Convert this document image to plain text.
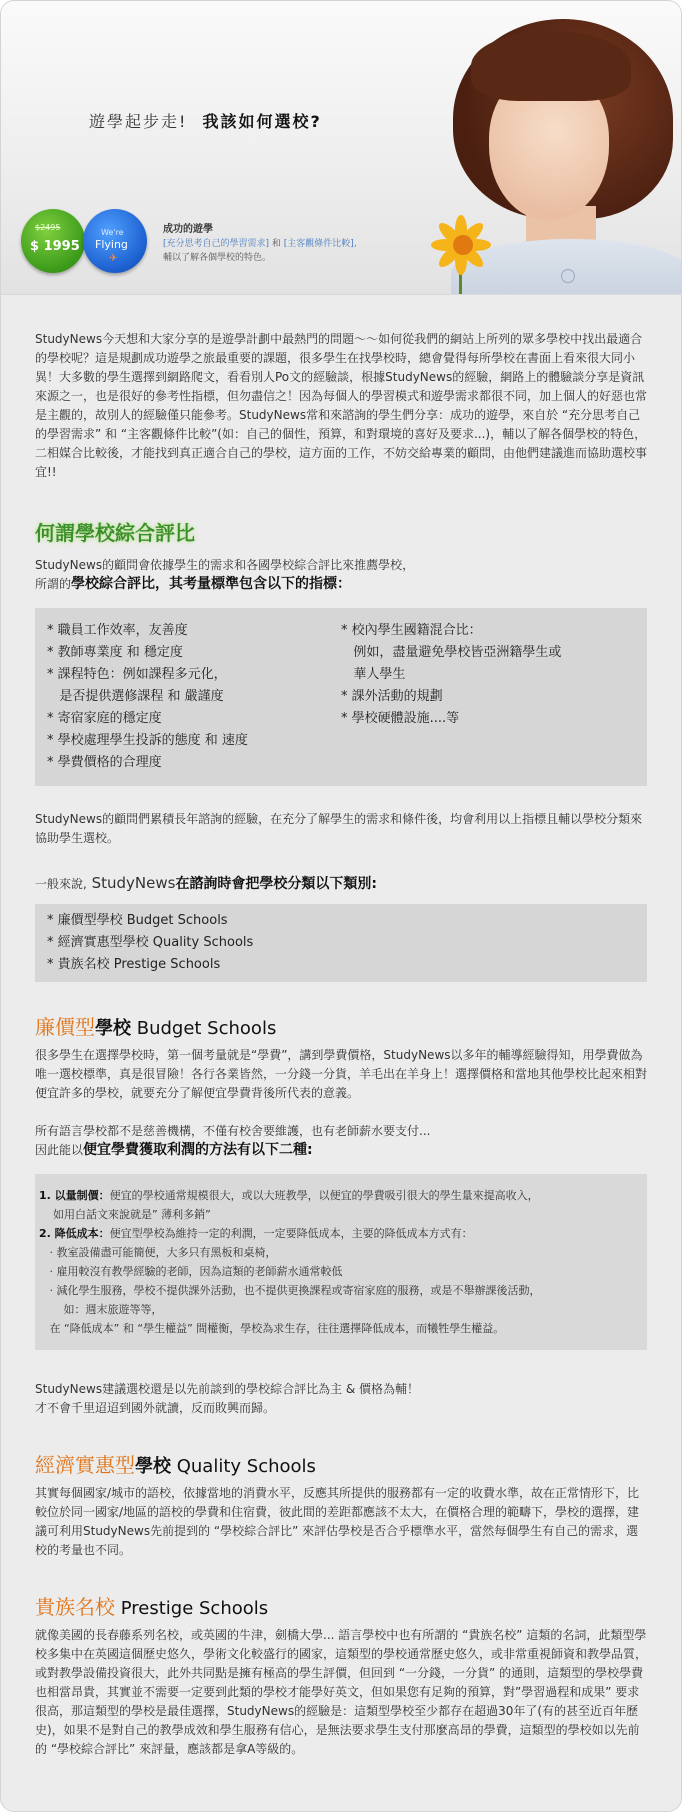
遊學起步走! 我該如何選校?
$2495
$ 1995
We're
Flying
✈
成功的遊學
[充分思考自己的學習需求] 和 [主客觀條件比較],
輔以了解各個學校的特色。

StudyNews今天想和大家分享的是遊學計劃中最熱門的問題～～如何從我們的網站上所列的眾多學校中找出最適合的學校呢？這是規劃成功遊學之旅最重要的課題，很多學生在找學校時，總會覺得每所學校在書面上看來很大同小異！大多數的學生選擇到網路爬文，看看別人Po文的經驗談，根據StudyNews的經驗，網路上的體驗談分享是資訊來源之一，也是很好的參考性指標，但勿盡信之！因為每個人的學習模式和遊學需求都很不同，加上個人的好惡也常是主觀的，故別人的經驗僅只能參考。StudyNews常和來諮詢的學生們分享：成功的遊學，來自於 “充分思考自己的學習需求” 和 “主客觀條件比較”(如：自己的個性，預算，和對環境的喜好及要求...)，輔以了解各個學校的特色，二相媒合比較後，才能找到真正適合自己的學校，這方面的工作，不妨交給專業的顧問，由他們建議進而協助選校事宜!!

何謂學校綜合評比

StudyNews的顧問會依據學生的需求和各國學校綜合評比來推薦學校，

所謂的學校綜合評比，其考量標準包含以下的指標：

* 職員工作效率，友善度

* 教師專業度 和 穩定度

* 課程特色：例如課程多元化，

是否提供選修課程 和 嚴謹度

* 寄宿家庭的穩定度

* 學校處理學生投訴的態度 和 速度

* 學費價格的合理度

* 校內學生國籍混合比：

例如，盡量避免學校皆亞洲籍學生或

華人學生

* 課外活動的規劃

* 學校硬體設施....等

StudyNews的顧問們累積長年諮詢的經驗，在充分了解學生的需求和條件後，均會利用以上指標且輔以學校分類來協助學生選校。

一般來說, StudyNews在諮詢時會把學校分類以下類別:

* 廉價型學校 Budget Schools

* 經濟實惠型學校 Quality Schools

* 貴族名校 Prestige Schools

廉價型學校 Budget Schools

很多學生在選擇學校時，第一個考量就是“學費”，講到學費價格，StudyNews以多年的輔導經驗得知，用學費做為唯一選校標準，真是很冒險！各行各業皆然，一分錢一分貨，羊毛出在羊身上！選擇價格和當地其他學校比起來相對便宜許多的學校，就要充分了解便宜學費背後所代表的意義。

所有語言學校都不是慈善機構，不僅有校舍要維護，也有老師薪水要支付...

因此能以便宜學費獲取利潤的方法有以下二種:

1. 以量制價：便宜的學校通常規模很大，或以大班教學，以便宜的學費吸引很大的學生量來提高收入，

如用白話文來說就是” 薄利多銷”

2. 降低成本：便宜型學校為維持一定的利潤，一定要降低成本，主要的降低成本方式有：

· 教室設備盡可能簡便，大多只有黑板和桌椅，

· 雇用較沒有教學經驗的老師，因為這類的老師薪水通常較低

· 減化學生服務，學校不提供課外活動，也不提供更換課程或寄宿家庭的服務，或是不舉辦課後活動，

如：週末旅遊等等，

在 “降低成本” 和 “學生權益” 間權衡，學校為求生存，往往選擇降低成本，而犧牲學生權益。

StudyNews建議選校還是以先前談到的學校綜合評比為主 & 價格為輔！

才不會千里迢迢到國外就讀，反而敗興而歸。

經濟實惠型學校 Quality Schools

其實每個國家/城市的語校，依據當地的消費水平，反應其所提供的服務都有一定的收費水準，故在正常情形下，比較位於同一國家/地區的語校的學費和住宿費，彼此間的差距都應該不太大，在價格合理的範疇下，學校的選擇，建議可利用StudyNews先前提到的 “學校綜合評比” 來評估學校是否合乎標準水平，當然每個學生有自己的需求，選校的考量也不同。

貴族名校 Prestige Schools

就像美國的長春藤系列名校，或英國的牛津，劍橋大學... 語言學校中也有所謂的 “貴族名校” 這類的名詞，此類型學校多集中在英國這個歷史悠久，學術文化較盛行的國家，這類型的學校通常歷史悠久，或非常重視師資和教學品質，或對教學設備投資很大，此外共同點是擁有極高的學生評價，但回到 “一分錢，一分貨” 的通則，這類型的學校學費也相當昂貴，其實並不需要一定要到此類的學校才能學好英文，但如果您有足夠的預算，對”學習過程和成果” 要求很高，那這類型的學校是最佳選擇，StudyNews的經驗是：這類型學校至少都存在超過30年了(有的甚至近百年歷史)，如果不是對自己的教學成效和學生服務有信心，是無法要求學生支付那麼高昂的學費，這類型的學校如以先前的 “學校綜合評比” 來評量，應該都是拿A等級的。
